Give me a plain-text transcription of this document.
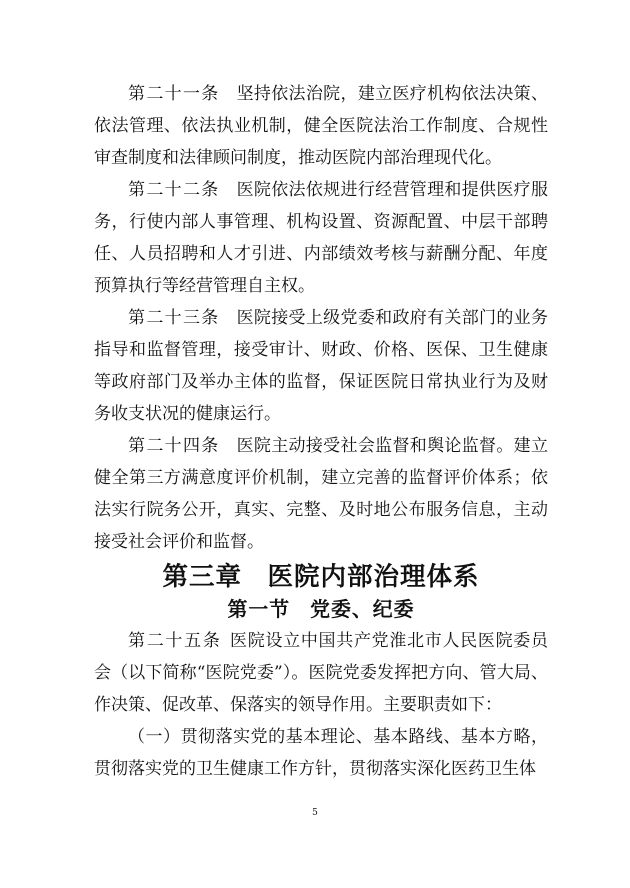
第二十一条 坚持依法治院，建立医疗机构依法决策、依法管理、依法执业机制，健全医院法治工作制度、合规性审查制度和法律顾问制度，推动医院内部治理现代化。

第二十二条 医院依法依规进行经营管理和提供医疗服务，行使内部人事管理、机构设置、资源配置、中层干部聘任、人员招聘和人才引进、内部绩效考核与薪酬分配、年度预算执行等经营管理自主权。

第二十三条 医院接受上级党委和政府有关部门的业务指导和监督管理，接受审计、财政、价格、医保、卫生健康等政府部门及举办主体的监督，保证医院日常执业行为及财务收支状况的健康运行。

第二十四条 医院主动接受社会监督和舆论监督。建立健全第三方满意度评价机制，建立完善的监督评价体系；依法实行院务公开，真实、完整、及时地公布服务信息，主动接受社会评价和监督。

第三章 医院内部治理体系
第一节 党委、纪委

第二十五条 医院设立中国共产党淮北市人民医院委员会（以下简称“医院党委”）。医院党委发挥把方向、管大局、作决策、促改革、保落实的领导作用。主要职责如下：

（一）贯彻落实党的基本理论、基本路线、基本方略，贯彻落实党的卫生健康工作方针，贯彻落实深化医药卫生体

5
